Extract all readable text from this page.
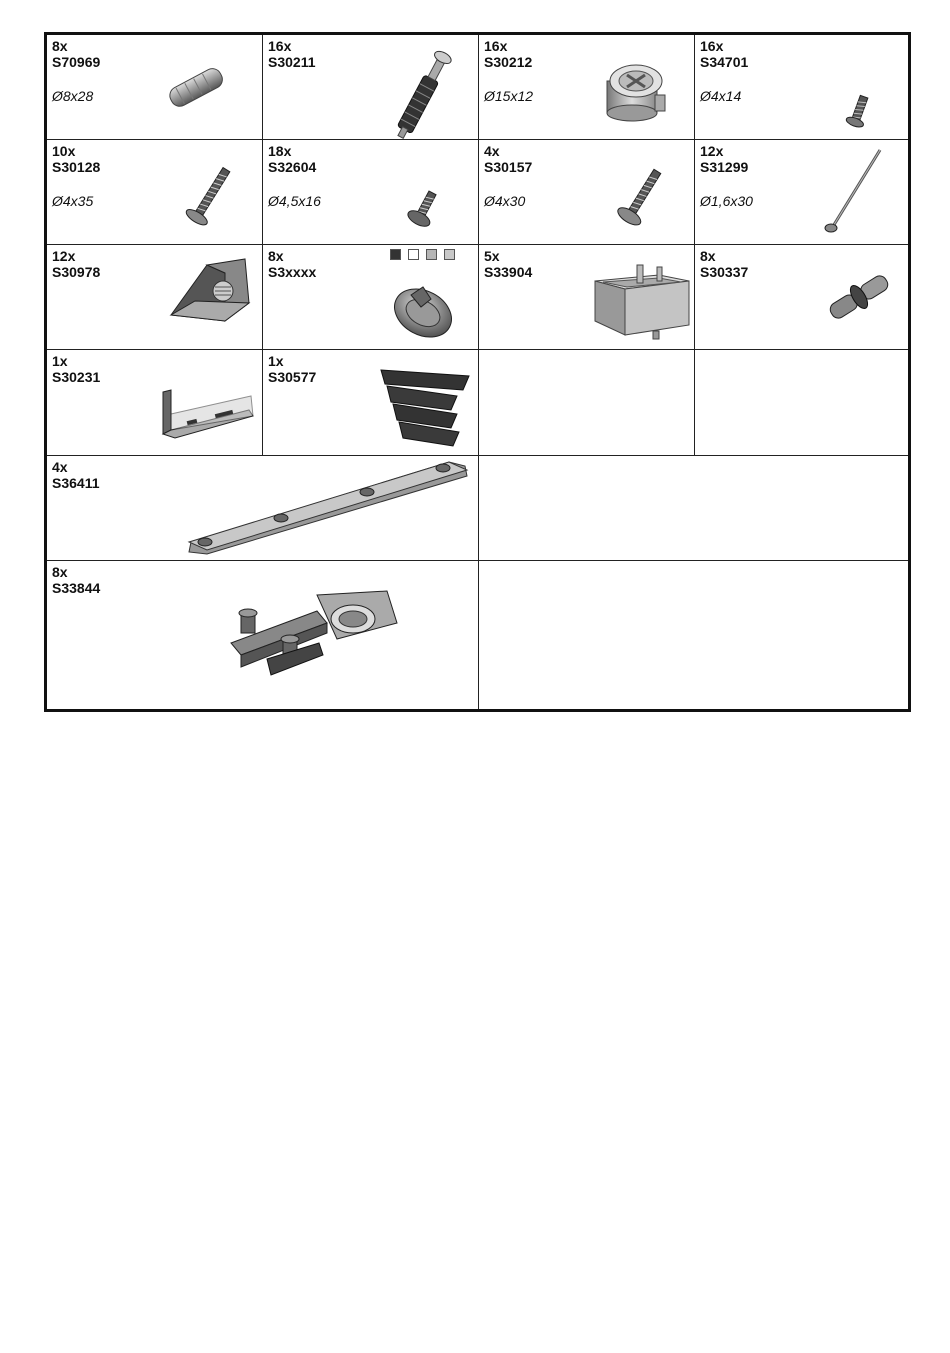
8x
S70969
Ø8x28
16x
S30211
16x
S30212
Ø15x12
16x
S34701
Ø4x14
10x
S30128
Ø4x35
18x
S32604
Ø4,5x16
4x
S30157
Ø4x30
12x
S31299
Ø1,6x30
12x
S30978
8x
S3xxxx
5x
S33904
8x
S30337
1x
S30231
1x
S30577
4x
S36411
8x
S33844
